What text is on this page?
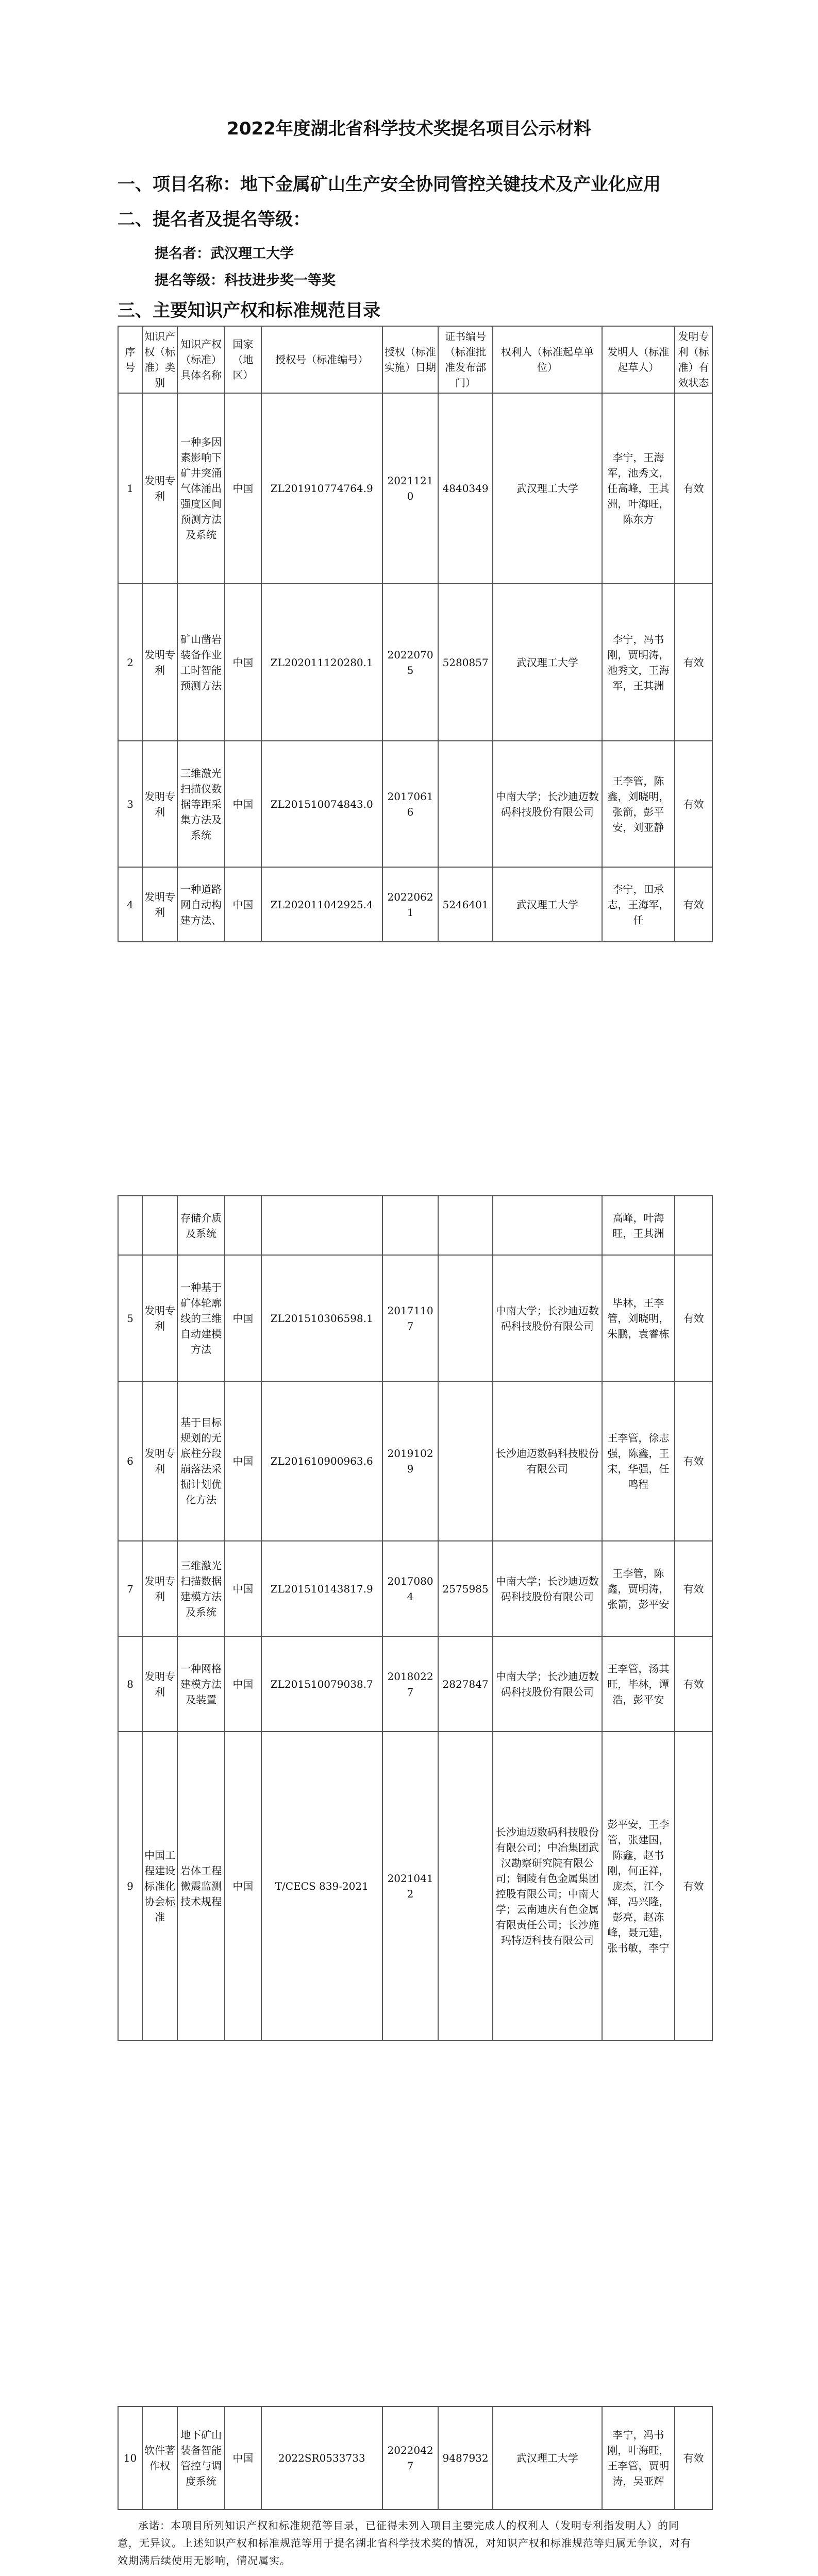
2022年度湖北省科学技术奖提名项目公示材料
一、项目名称：地下金属矿山生产安全协同管控关键技术及产业化应用
二、提名者及提名等级：
提名者：武汉理工大学
提名等级：科技进步奖一等奖
三、主要知识产权和标准规范目录
序号	知识产权（标准）类别	知识产权（标准）具体名称	国家（地区）	授权号（标准编号）	授权（标准实施）日期	证书编号（标准批准发布部门）	权利人（标准起草单位）	发明人（标准起草人）	发明专利（标准）有效状态
1	发明专利	一种多因素影响下矿井突涌气体涌出强度区间预测方法及系统	中国	ZL201910774764.9	20211210	4840349	武汉理工大学	李宁，王海军，池秀文，任高峰，王其洲，叶海旺，陈东方	有效
2	发明专利	矿山凿岩装备作业工时智能预测方法	中国	ZL202011120280.1	20220705	5280857	武汉理工大学	李宁，冯书刚，贾明涛，池秀文，王海军，王其洲	有效
3	发明专利	三维激光扫描仪数据等距采集方法及系统	中国	ZL201510074843.0	20170616		中南大学；长沙迪迈数码科技股份有限公司	王李管，陈鑫，刘晓明，张箭，彭平安，刘亚静	有效
4	发明专利	一种道路网自动构建方法、	中国	ZL202011042925.4	20220621	5246401	武汉理工大学	李宁，田承志，王海军，任	有效
		存储介质及系统						高峰，叶海旺，王其洲	
5	发明专利	一种基于矿体轮廓线的三维自动建模方法	中国	ZL201510306598.1	20171107		中南大学；长沙迪迈数码科技股份有限公司	毕林，王李管，刘晓明，朱鹏，袁睿栋	有效
6	发明专利	基于目标规划的无底柱分段崩落法采掘计划优化方法	中国	ZL201610900963.6	20191029		长沙迪迈数码科技股份有限公司	王李管，徐志强，陈鑫，王宋，华强，任鸣程	有效
7	发明专利	三维激光扫描数据建模方法及系统	中国	ZL201510143817.9	20170804	2575985	中南大学；长沙迪迈数码科技股份有限公司	王李管，陈鑫，贾明涛，张箭，彭平安	有效
8	发明专利	一种网格建模方法及装置	中国	ZL201510079038.7	20180227	2827847	中南大学；长沙迪迈数码科技股份有限公司	王李管，汤其旺，毕林，谭浩，彭平安	有效
9	中国工程建设标准化协会标准	岩体工程微震监测技术规程	中国	T/CECS 839-2021	20210412		长沙迪迈数码科技股份有限公司；中冶集团武汉勘察研究院有限公司；铜陵有色金属集团控股有限公司；中南大学；云南迪庆有色金属有限责任公司；长沙施玛特迈科技有限公司	彭平安，王李管，张建国，陈鑫，赵书刚，何正祥，庞杰，江今辉，冯兴隆，彭亮，赵冻峰，聂元建，张书敏，李宁	有效
10	软件著作权	地下矿山装备智能管控与调度系统	中国	2022SR0533733	20220427	9487932	武汉理工大学	李宁，冯书刚，叶海旺，王李管，贾明涛，吴亚辉	有效
承诺：本项目所列知识产权和标准规范等目录，已征得未列入项目主要完成人的权利人（发明专利指发明人）的同意，无异议。上述知识产权和标准规范等用于提名湖北省科学技术奖的情况，对知识产权和标准规范等归属无争议，对有效期满后续使用无影响，情况属实。
